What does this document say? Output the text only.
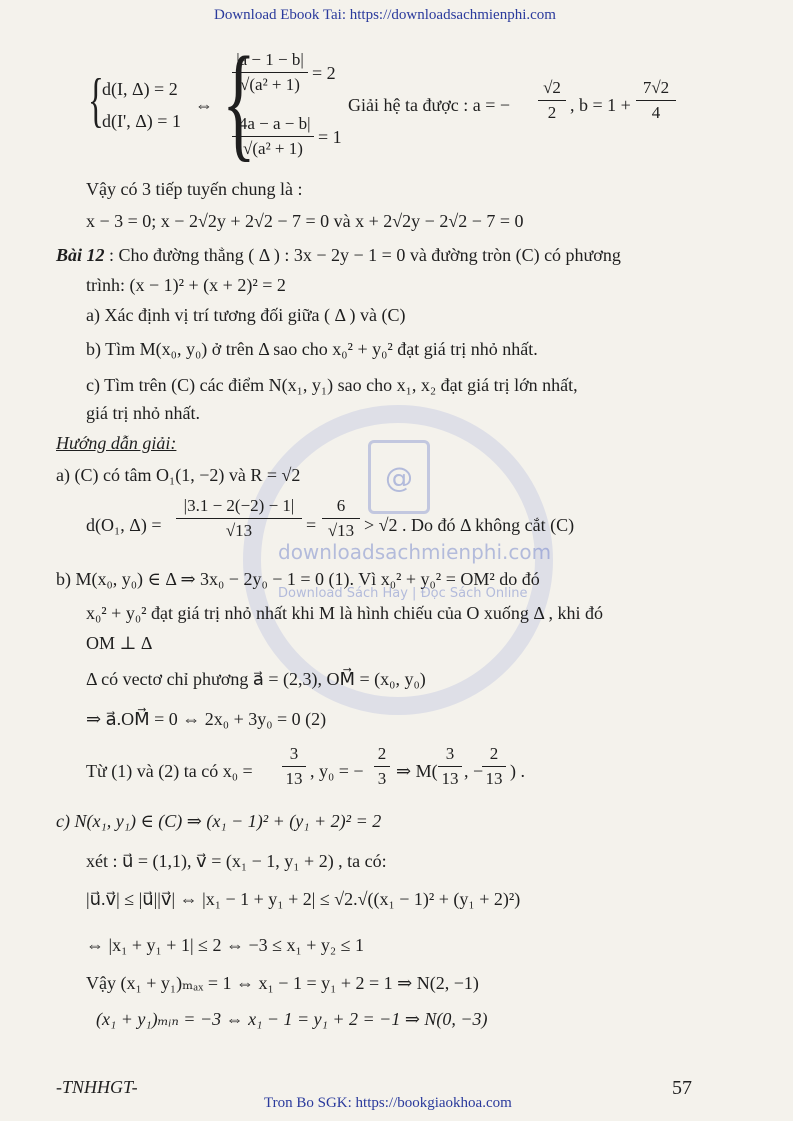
@
downloadsachmienphi.com
Download Sách Hay | Đọc Sách Online
Download Ebook Tai: https://downloadsachmienphi.com
{
d(I, Δ) = 2
d(I', Δ) = 1
⇔ {
|a − 1 − b|
√(a² + 1)
= 2
|4a − a − b|
√(a² + 1)
= 1
Giải hệ ta được : a = −
√2
2 , b = 1 +
7√2
4
Vậy có 3 tiếp tuyến chung là :
x − 3 = 0; x − 2√2y + 2√2 − 7 = 0 và x + 2√2y − 2√2 − 7 = 0
Bài 12 : Cho đường thẳng ( Δ ) : 3x − 2y − 1 = 0 và đường tròn (C) có phương
trình: (x − 1)² + (x + 2)² = 2
a) Xác định vị trí tương đối giữa ( Δ ) và (C)
b) Tìm M(x₀, y₀) ở trên Δ sao cho x₀² + y₀² đạt giá trị nhỏ nhất.
c) Tìm trên (C) các điểm N(x₁, y₁) sao cho x₁, x₂ đạt giá trị lớn nhất,
giá trị nhỏ nhất.
Hướng dẫn giải:
a) (C) có tâm O₁(1, −2) và R = √2
d(O₁, Δ) =
|3.1 − 2(−2) − 1|
√13	=
6
√13 > √2 . Do đó Δ không cắt (C)
b) M(x₀, y₀) ∈ Δ ⇒ 3x₀ − 2y₀ − 1 = 0 (1). Vì x₀² + y₀² = OM² do đó
x₀² + y₀² đạt giá trị nhỏ nhất khi M là hình chiếu của O xuống Δ , khi đó
OM ⊥ Δ
Δ có vectơ chỉ phương a⃗ = (2,3), OM⃗ = (x₀, y₀)
⇒ a⃗.OM⃗ = 0 ⇔ 2x₀ + 3y₀ = 0 (2)
Từ (1) và (2) ta có x₀ =
3
13 , y₀ = −
2
3 ⇒ M(
3
13 , −
2
13 ) .
c) N(x₁, y₁) ∈ (C) ⇒ (x₁ − 1)² + (y₁ + 2)² = 2
xét : u⃗ = (1,1), v⃗ = (x₁ − 1, y₁ + 2) , ta có:
|u⃗.v⃗| ≤ |u⃗||v⃗| ⇔ |x₁ − 1 + y₁ + 2| ≤ √2.√((x₁ − 1)² + (y₁ + 2)²)
⇔ |x₁ + y₁ + 1| ≤ 2 ⇔ −3 ≤ x₁ + y₂ ≤ 1
Vậy (x₁ + y₁)ₘₐₓ = 1 ⇔ x₁ − 1 = y₁ + 2 = 1 ⇒ N(2, −1)
(x₁ + y₁)ₘᵢₙ = −3 ⇔ x₁ − 1 = y₁ + 2 = −1 ⇒ N(0, −3)
-TNHHGT-	57
Tron Bo SGK: https://bookgiaokhoa.com
